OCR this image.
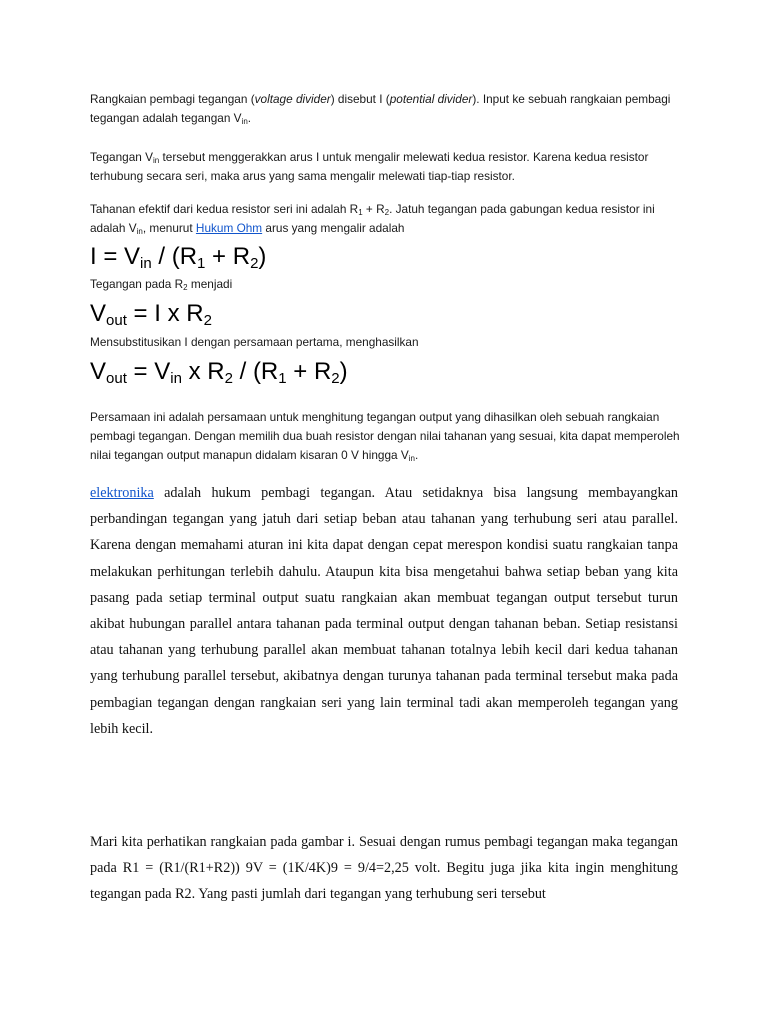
Rangkaian pembagi tegangan (voltage divider) disebut I (potential divider). Input ke sebuah rangkaian pembagi tegangan adalah tegangan $V_{in}$.

Tegangan $V_{in}$ tersebut menggerakkan arus I untuk mengalir melewati kedua resistor. Karena kedua resistor terhubung secara seri, maka arus yang sama mengalir melewati tiap-tiap resistor.

Tahanan efektif dari kedua resistor seri ini adalah $R_1 + R_2$. Jatuh tegangan pada gabungan kedua resistor ini adalah $V_{in}$, menurut Hukum Ohm arus yang mengalir adalah

$I = V_{in} / (R_1 + R_2)$

Tegangan pada $R_2$ menjadi

$V_{out} = I$ x $R_2$

Mensubstitusikan I dengan persamaan pertama, menghasilkan

$V_{out} = V_{in}$ x $R_2 / (R_1 + R_2)$

Persamaan ini adalah persamaan untuk menghitung tegangan output yang dihasilkan oleh sebuah rangkaian pembagi tegangan. Dengan memilih dua buah resistor dengan nilai tahanan yang sesuai, kita dapat memperoleh nilai tegangan output manapun didalam kisaran 0 V hingga $V_{in}$.

elektronika adalah hukum pembagi tegangan. Atau setidaknya bisa langsung membayangkan perbandingan tegangan yang jatuh dari setiap beban atau tahanan yang terhubung seri atau parallel. Karena dengan memahami aturan ini kita dapat dengan cepat merespon kondisi suatu rangkaian tanpa melakukan perhitungan terlebih dahulu. Ataupun kita bisa mengetahui bahwa setiap beban yang kita pasang pada setiap terminal output suatu rangkaian akan membuat tegangan output tersebut turun akibat hubungan parallel antara tahanan pada terminal output dengan tahanan beban. Setiap resistansi atau tahanan yang terhubung parallel akan membuat tahanan totalnya lebih kecil dari kedua tahanan yang terhubung parallel tersebut, akibatnya dengan turunya tahanan pada terminal tersebut maka pada pembagian tegangan dengan rangkaian seri yang lain terminal tadi akan memperoleh tegangan yang lebih kecil.

Mari kita perhatikan rangkaian pada gambar i. Sesuai dengan rumus pembagi tegangan maka tegangan pada R1 = (R1/(R1+R2)) 9V = (1K/4K)9 = 9/4=2,25 volt. Begitu juga jika kita ingin menghitung tegangan pada R2. Yang pasti jumlah dari tegangan yang terhubung seri tersebut
